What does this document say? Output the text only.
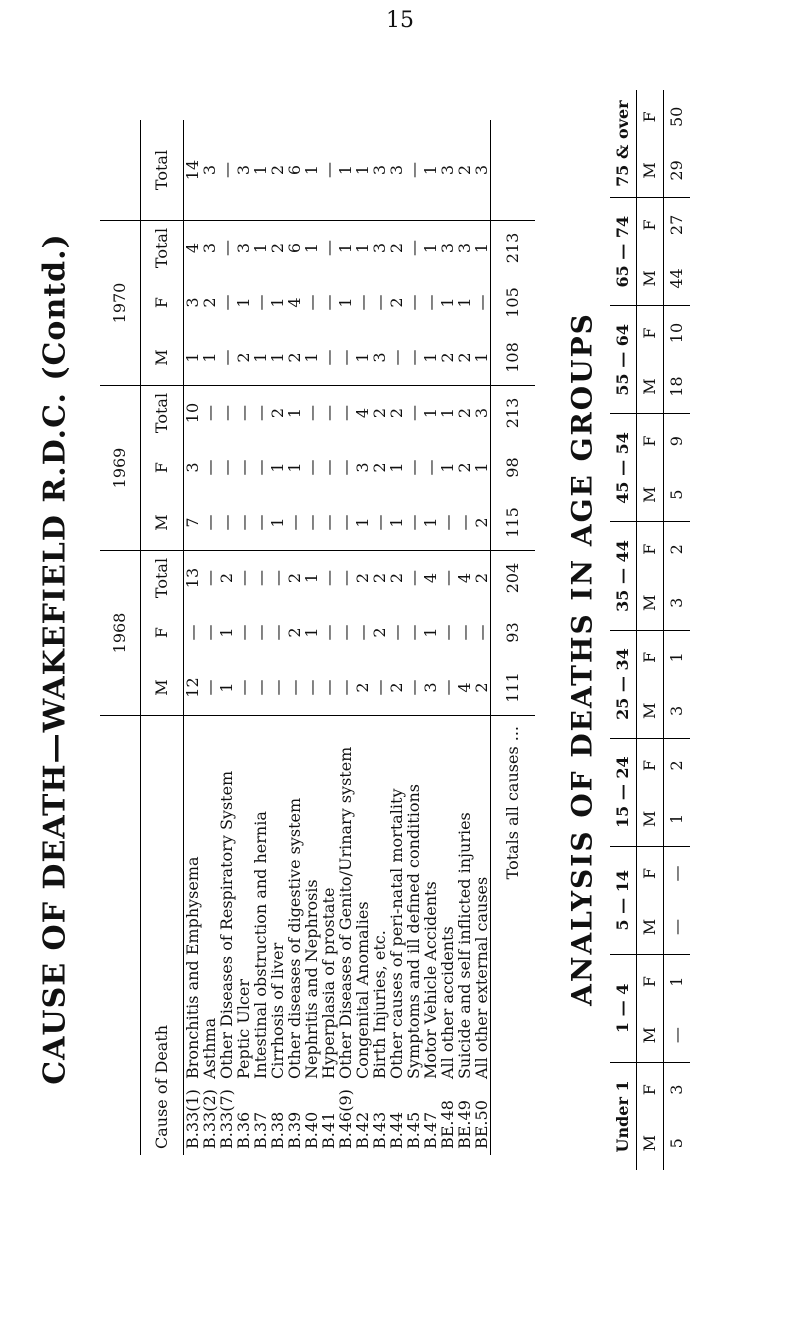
15
CAUSE OF DEATH—WAKEFIELD R.D.C. (Contd.)	1968
1969
1970
Cause of Death
M
F
Total
M
F
Total
M
F
Total
Total
B.33(1)Bronchitis and Emphysema
12
—
13
7
3
10
1
3
4
14
B.33(2)Asthma
—
—
—
—
—
—
1
2
3
3
B.33(7)Other Diseases of Respiratory System
1
1
2
—
—
—
—
—
—
—
B.36Peptic Ulcer
—
—
—
—
—
—
2
1
3
3
B.37Intestinal obstruction and hernia
—
—
—
—
—
—
1
—
1
1
B.38Cirrhosis of liver
—
—
—
1
1
2
1
1
2
2
B.39Other diseases of digestive system
—
2
2
—
1
1
2
4
6
6
B.40Nephritis and Nephrosis
—
1
1
—
—
—
1
—
1
1
B.41Hyperplasia of prostate
—
—
—
—
—
—
—
—
—
—
B.46(9)Other Diseases of Genito/Urinary system
—
—
—
—
—
—
—
1
1
1
B.42Congenital Anomalies
2
—
2
1
3
4
1
—
1
1
B.43Birth Injuries, etc.
—
2
2
—
2
2
3
—
3
3
B.44Other causes of peri-natal mortality
2
—
2
1
1
2
—
2
2
3
B.45Symptoms and ill defined conditions
—
—
—
—
—
—
—
—
—
—
B.47Motor Vehicle Accidents
3
1
4
1
—
1
1
—
1
1
BE.48All other accidents
—
—
—
—
1
1
2
1
3
3
BE.49Suicide and self inflicted injuries
4
—
4
—
2
2
2
1
3
2
BE.50All other external causes
2
—
2
2
1
3
1
—
1
3
Totals all causes ...
111
93
204
115
98
213
108
105
213
ANALYSIS OF DEATHS IN AGE GROUPS
Under 1
1 — 4
5 — 14
15 — 24
25 — 34
35 — 44
45 — 54
55 — 64
65 — 74
75 & over
M
F
M
F
M
F
M
F
M
F
M
F
M
F
M
F
M
F
M
F
5
3
—
1
—
—
1
2
3
1
3
2
5
9
18
10
44
27
29
50
